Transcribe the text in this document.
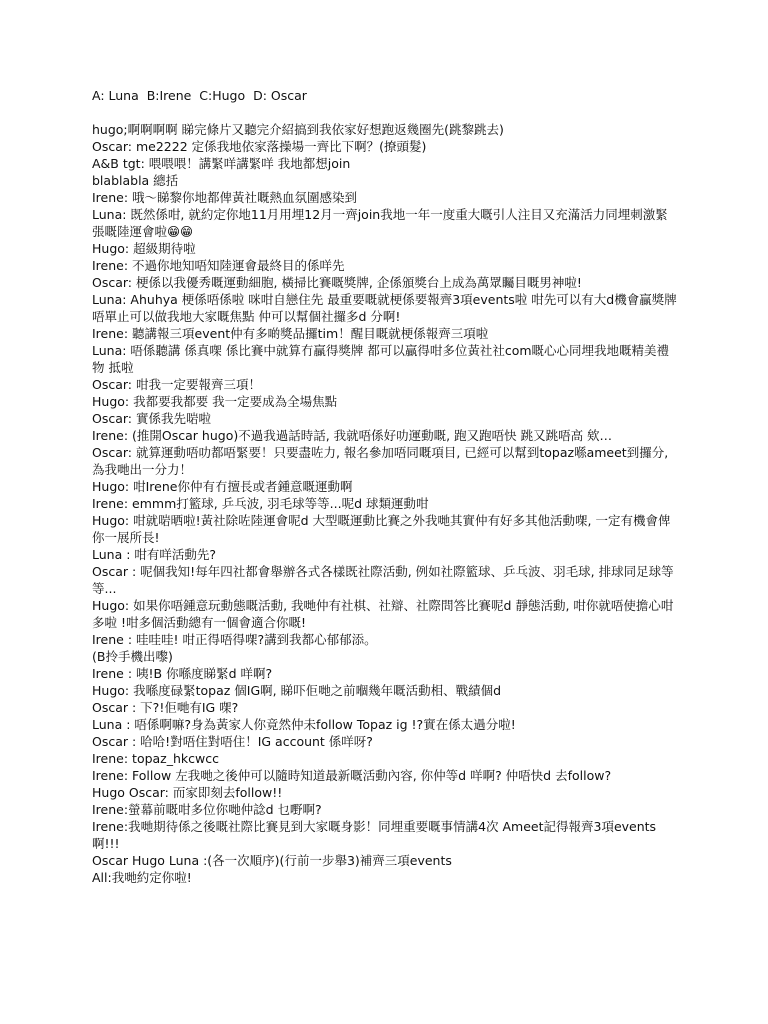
A: Luna  B:Irene  C:Hugo  D: Oscar
hugo;啊啊啊啊 睇完條片又聽完介紹搞到我依家好想跑返幾圈先(跳黎跳去)
Oscar: me2222 定係我地依家落操場一齊比下啊？(撩頭髮)
A&B tgt: 喂喂喂！講緊咩講緊咩 我地都想join
blablabla 總括
Irene: 哦～睇黎你地都俾黃社嘅熱血氛圍感染到
Luna: 既然係咁, 就約定你地11月用埋12月一齊join我地一年一度重大嘅引人注目又充滿活力同埋刺激緊張嘅陸運會啦😁😁
Hugo: 超級期待啦
Irene: 不過你地知唔知陸運會最終目的係咩先
Oscar: 梗係以我優秀嘅運動細胞, 橫掃比賽嘅獎牌, 企係頒獎台上成為萬眾矚目嘅男神啦!
Luna: Ahuhya 梗係唔係啦 咪咁自戀住先 最重要嘅就梗係要報齊3項events啦 咁先可以有大d機會贏獎牌 唔單止可以做我地大家嘅焦點 仲可以幫個社攞多d 分啊!
Irene: 聽講報三項event仲有多啲獎品攞tim！醒目嘅就梗係報齊三項啦
Luna: 唔係聽講 係真㗎 係比賽中就算冇贏得獎牌 都可以贏得咁多位黃社社com嘅心心同埋我地嘅精美禮物 抵啦
Oscar: 咁我一定要報齊三項！
Hugo: 我都要我都要 我一定要成為全場焦點
Oscar: 實係我先啱啦
Irene: (推開Oscar hugo)不過我過話時話, 我就唔係好叻運動嘅, 跑又跑唔快 跳又跳唔高 欸…
Oscar: 就算運動唔叻都唔緊要！只要盡咗力, 報名參加唔同嘅項目, 已經可以幫到topaz喺ameet到攞分, 為我哋出一分力！
Hugo: 咁Irene你仲有冇擅長或者鍾意嘅運動啊
Irene: emmm打籃球, 乒乓波, 羽毛球等等...呢d 球類運動咁
Hugo: 咁就啱晒啦!黃社除咗陸運會呢d 大型嘅運動比賽之外我哋其實仲有好多其他活動㗎, 一定有機會俾你一展所長!
Luna : 咁有咩活動先?
Oscar : 呢個我知!每年四社都會舉辦各式各樣既社際活動, 例如社際籃球、乒乓波、羽毛球, 排球同足球等等...
Hugo: 如果你唔鍾意玩動態嘅活動, 我哋仲有社棋、社辯、社際問答比賽呢d 靜態活動, 咁你就唔使擔心咁多啦 !咁多個活動總有一個會適合你嘅!
Irene : 哇哇哇! 咁正得唔得㗎?講到我都心郁郁添。
(B拎手機出嚟)
Irene : 咦!B 你喺度睇緊d 咩啊?
Hugo: 我喺度碌緊topaz 個IG啊, 睇吓佢哋之前嗰幾年嘅活動相、戰績個d
Oscar : 下?!佢哋有IG 㗎?
Luna : 唔係啊嘛?身為黃家人你竟然仲未follow Topaz ig !?實在係太過分啦!
Oscar : 哈哈!對唔住對唔住！IG account 係咩呀?
Irene: topaz_hkcwcc
Irene: Follow 左我哋之後仲可以隨時知道最新嘅活動內容, 你仲等d 咩啊? 仲唔快d 去follow?
Hugo Oscar: 而家即刻去follow!!
Irene:螢幕前嘅咁多位你哋仲諗d 乜嘢啊?
Irene:我哋期待係之後嘅社際比賽見到大家嘅身影！同埋重要嘅事情講4次 Ameet記得報齊3項events啊!!!
Oscar Hugo Luna :(各一次順序)(行前一步舉3)補齊三項events
All:我哋約定你啦!
